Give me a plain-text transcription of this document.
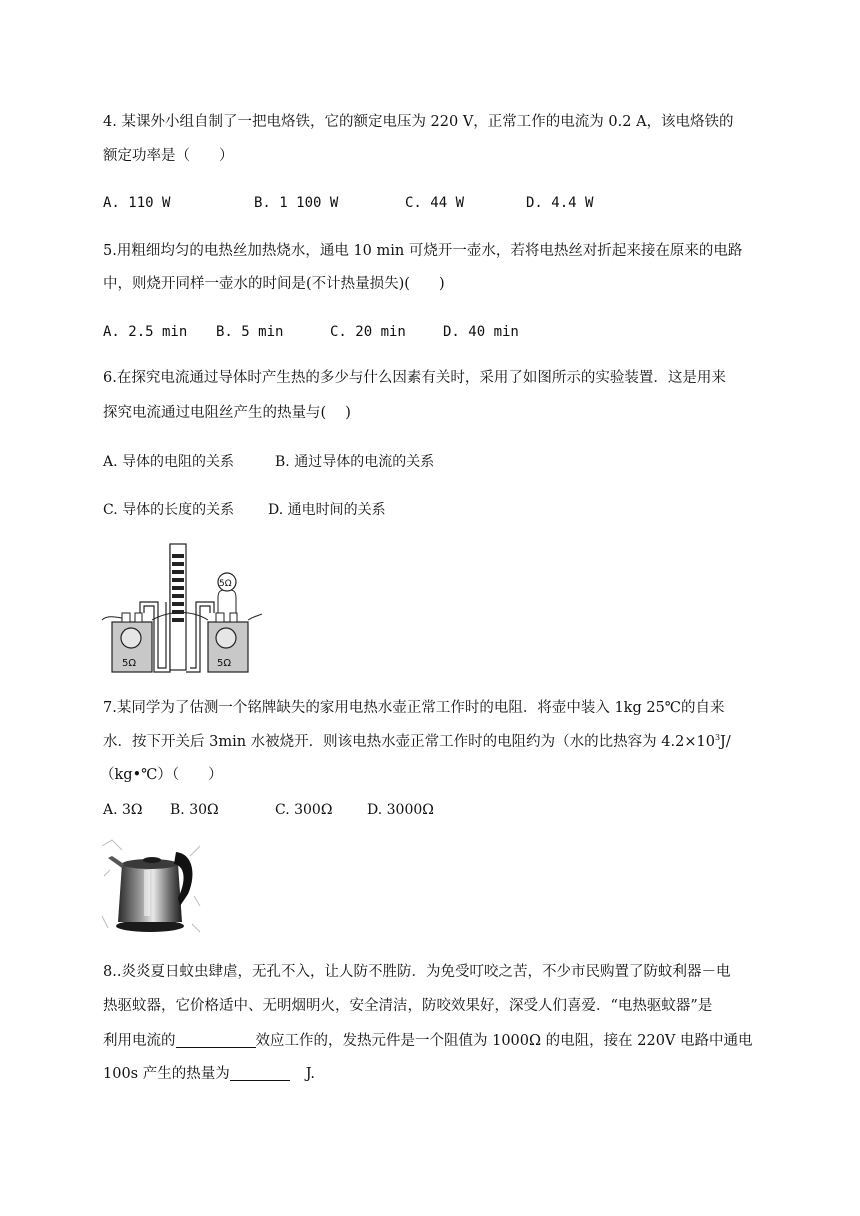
4. 某课外小组自制了一把电烙铁，它的额定电压为 220 V，正常工作的电流为 0.2 A，该电烙铁的
额定功率是（　　）
A. 110 W	B. 1 100 W	C. 44 W	D. 4.4 W
5.用粗细均匀的电热丝加热烧水，通电 10 min 可烧开一壶水，若将电热丝对折起来接在原来的电路
中，则烧开同样一壶水的时间是(不计热量损失)(　　)
A. 2.5 min B. 5 min	C. 20 min	D. 40 min
6.在探究电流通过导体时产生热的多少与什么因素有关时，采用了如图所示的实验装置．这是用来
探究电流通过电阻丝产生的热量与(　 )
A. 导体的电阻的关系	B. 通过导体的电流的关系
C. 导体的长度的关系 D. 通电时间的关系
5Ω	5Ω
5Ω
7.某同学为了估测一个铭牌缺失的家用电热水壶正常工作时的电阻．将壶中装入 1kg 25℃的自来
水．按下开关后 3min 水被烧开．则该电热水壶正常工作时的电阻约为（水的比热容为 $4.2\times 10^3J/$
（kg•℃）（　　）
A. 3Ω B. 30Ω	C. 300Ω D. 3000Ω
8..炎炎夏日蚊虫肆虐，无孔不入，让人防不胜防．为免受叮咬之苦，不少市民购置了防蚊利器－电
热驱蚊器，它价格适中、无明烟明火，安全清洁，防咬效果好，深受人们喜爱．“电热驱蚊器”是
利用电流的	效应工作的，发热元件是一个阻值为 1000Ω 的电阻，接在 220V 电路中通电
100s 产生的热量为	J.
